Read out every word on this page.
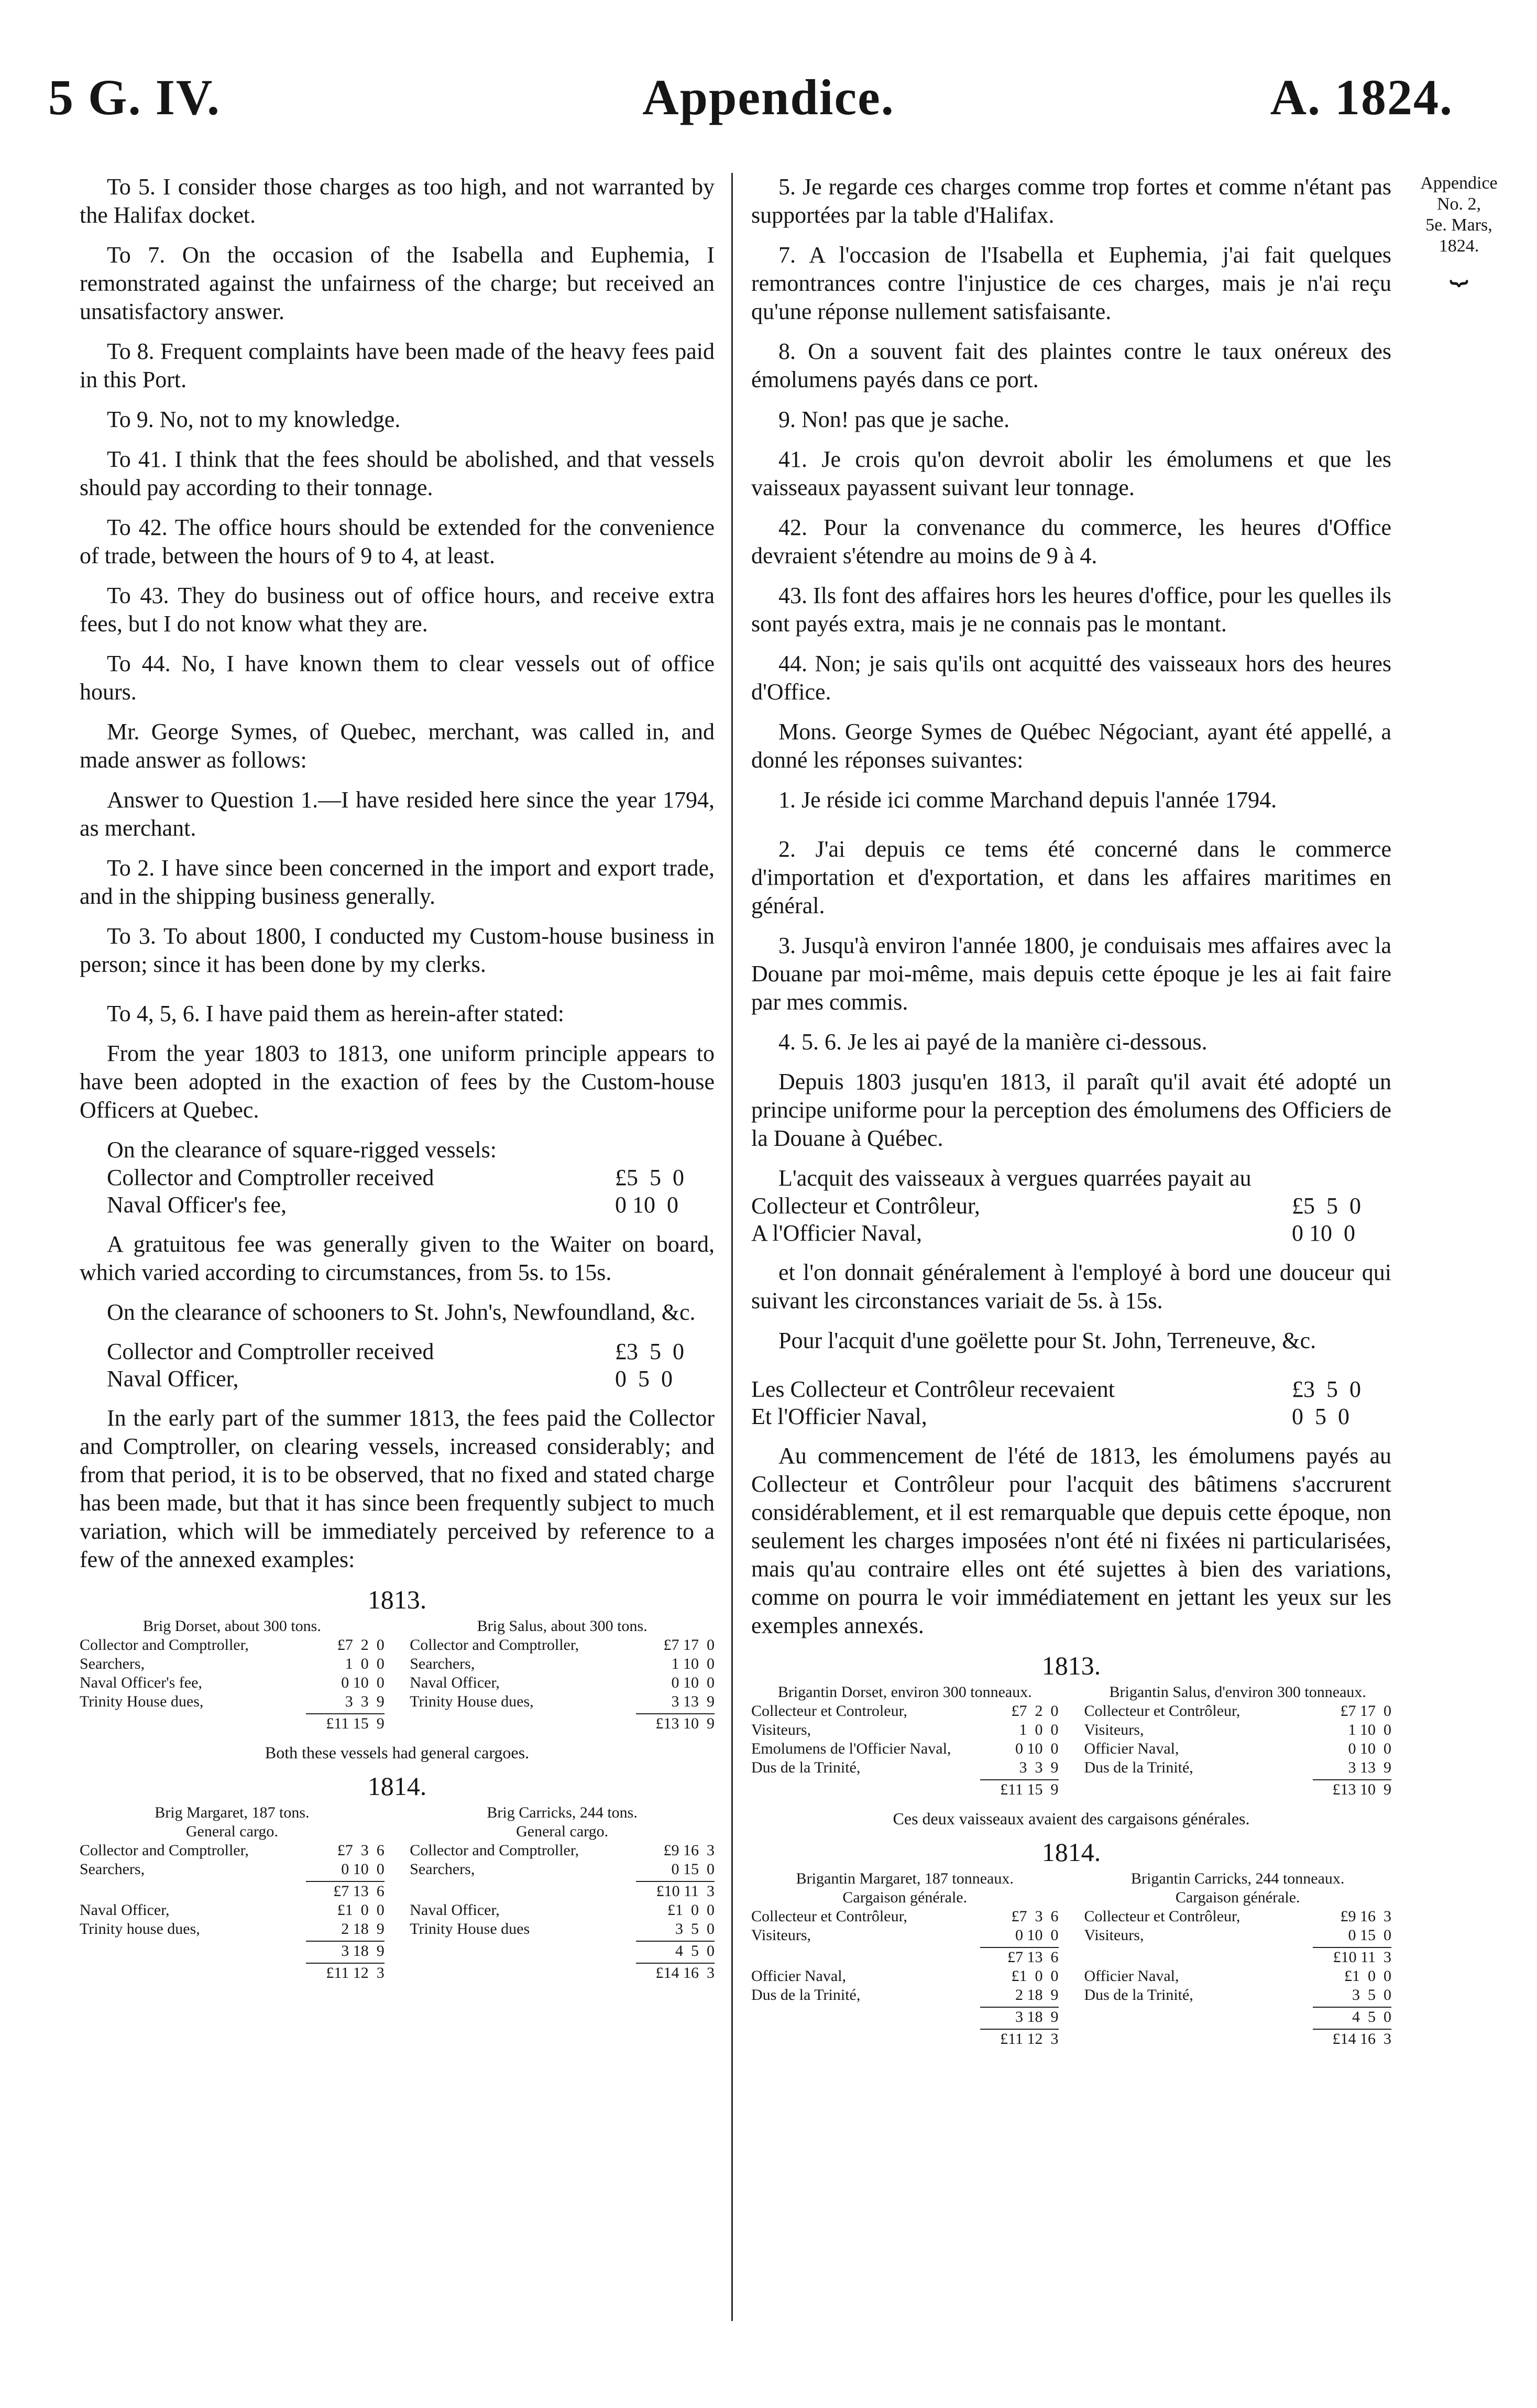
5 G. IV.	Appendice.	A. 1824.
Appendice
No. 2,
5e. Mars,
1824.
⏟

To 5. I consider those charges as too high, and not warranted by the Halifax docket.

To 7. On the occasion of the Isabella and Euphemia, I remonstrated against the unfairness of the charge; but received an unsatisfactory answer.

To 8. Frequent complaints have been made of the heavy fees paid in this Port.

To 9. No, not to my knowledge.

To 41. I think that the fees should be abolished, and that vessels should pay according to their tonnage.

To 42. The office hours should be extended for the convenience of trade, between the hours of 9 to 4, at least.

To 43. They do business out of office hours, and receive extra fees, but I do not know what they are.

To 44. No, I have known them to clear vessels out of office hours.

Mr. George Symes, of Quebec, merchant, was called in, and made answer as follows:

Answer to Question 1.—I have resided here since the year 1794, as merchant.

To 2. I have since been concerned in the import and export trade, and in the shipping business generally.

To 3. To about 1800, I conducted my Custom-house business in person; since it has been done by my clerks.

To 4, 5, 6. I have paid them as herein-after stated:

From the year 1803 to 1813, one uniform principle appears to have been adopted in the exaction of fees by the Custom-house Officers at Quebec.

On the clearance of square-rigged vessels:

Collector and Comptroller received	£5  5  0
Naval Officer's fee,	0 10  0

A gratuitous fee was generally given to the Waiter on board, which varied according to circumstances, from 5s. to 15s.

On the clearance of schooners to St. John's, Newfoundland, &c.

Collector and Comptroller received	£3  5  0
Naval Officer,	0  5  0

In the early part of the summer 1813, the fees paid the Collector and Comptroller, on clearing vessels, increased considerably; and from that period, it is to be observed, that no fixed and stated charge has been made, but that it has since been frequently subject to much variation, which will be immediately perceived by reference to a few of the annexed examples:

1813.
Brig Dorset, about 300 tons.
Collector and Comptroller,	£7  2  0
Searchers,	1  0  0
Naval Officer's fee,	0 10  0
Trinity House dues,	3  3  9
£11 15  9
Brig Salus, about 300 tons.
Collector and Comptroller,	£7 17  0
Searchers,	1 10  0
Naval Officer,	0 10  0
Trinity House dues,	3 13  9
£13 10  9
Both these vessels had general cargoes.
1814.
Brig Margaret, 187 tons.
General cargo.
Collector and Comptroller,	£7  3  6
Searchers,	0 10  0
£7 13  6
Naval Officer,	£1  0  0
Trinity house dues,	2 18  9
3 18  9
£11 12  3
Brig Carricks, 244 tons.
General cargo.
Collector and Comptroller,	£9 16  3
Searchers,	0 15  0
£10 11  3
Naval Officer,	£1  0  0
Trinity House dues	3  5  0
4  5  0
£14 16  3

5. Je regarde ces charges comme trop fortes et comme n'étant pas supportées par la table d'Halifax.

7. A l'occasion de l'Isabella et Euphemia, j'ai fait quelques remontrances contre l'injustice de ces charges, mais je n'ai reçu qu'une réponse nullement satisfaisante.

8. On a souvent fait des plaintes contre le taux onéreux des émolumens payés dans ce port.

9. Non! pas que je sache.

41. Je crois qu'on devroit abolir les émolumens et que les vaisseaux payassent suivant leur tonnage.

42. Pour la convenance du commerce, les heures d'Office devraient s'étendre au moins de 9 à 4.

43. Ils font des affaires hors les heures d'office, pour les quelles ils sont payés extra, mais je ne connais pas le montant.

44. Non; je sais qu'ils ont acquitté des vaisseaux hors des heures d'Office.

Mons. George Symes de Québec Négociant, ayant été appellé, a donné les réponses suivantes:

1. Je réside ici comme Marchand depuis l'année 1794.

2. J'ai depuis ce tems été concerné dans le commerce d'importation et d'exportation, et dans les affaires maritimes en général.

3. Jusqu'à environ l'année 1800, je conduisais mes affaires avec la Douane par moi-même, mais depuis cette époque je les ai fait faire par mes commis.

4. 5. 6. Je les ai payé de la manière ci-dessous.

Depuis 1803 jusqu'en 1813, il paraît qu'il avait été adopté un principe uniforme pour la perception des émolumens des Officiers de la Douane à Québec.

L'acquit des vaisseaux à vergues quarrées payait au

Collecteur et Contrôleur,	£5  5  0
A l'Officier Naval,	0 10  0

et l'on donnait généralement à l'employé à bord une douceur qui suivant les circonstances variait de 5s. à 15s.

Pour l'acquit d'une goëlette pour St. John, Terreneuve, &c.

Les Collecteur et Contrôleur recevaient	£3  5  0
Et l'Officier Naval,	0  5  0

Au commencement de l'été de 1813, les émolumens payés au Collecteur et Contrôleur pour l'acquit des bâtimens s'accrurent considérablement, et il est remarquable que depuis cette époque, non seulement les charges imposées n'ont été ni fixées ni particularisées, mais qu'au contraire elles ont été sujettes à bien des variations, comme on pourra le voir immédiatement en jettant les yeux sur les exemples annexés.

1813.
Brigantin Dorset, environ 300 tonneaux.
Collecteur et Controleur,	£7  2  0
Visiteurs,	1  0  0
Emolumens de l'Officier Naval,	0 10  0
Dus de la Trinité,	3  3  9
£11 15  9
Brigantin Salus, d'environ 300 tonneaux.
Collecteur et Contrôleur,	£7 17  0
Visiteurs,	1 10  0
Officier Naval,	0 10  0
Dus de la Trinité,	3 13  9
£13 10  9
Ces deux vaisseaux avaient des cargaisons générales.
1814.
Brigantin Margaret, 187 tonneaux.
Cargaison générale.
Collecteur et Contrôleur,	£7  3  6
Visiteurs,	0 10  0
£7 13  6
Officier Naval,	£1  0  0
Dus de la Trinité,	2 18  9
3 18  9
£11 12  3
Brigantin Carricks, 244 tonneaux.
Cargaison générale.
Collecteur et Contrôleur,	£9 16  3
Visiteurs,	0 15  0
£10 11  3
Officier Naval,	£1  0  0
Dus de la Trinité,	3  5  0
4  5  0
£14 16  3
